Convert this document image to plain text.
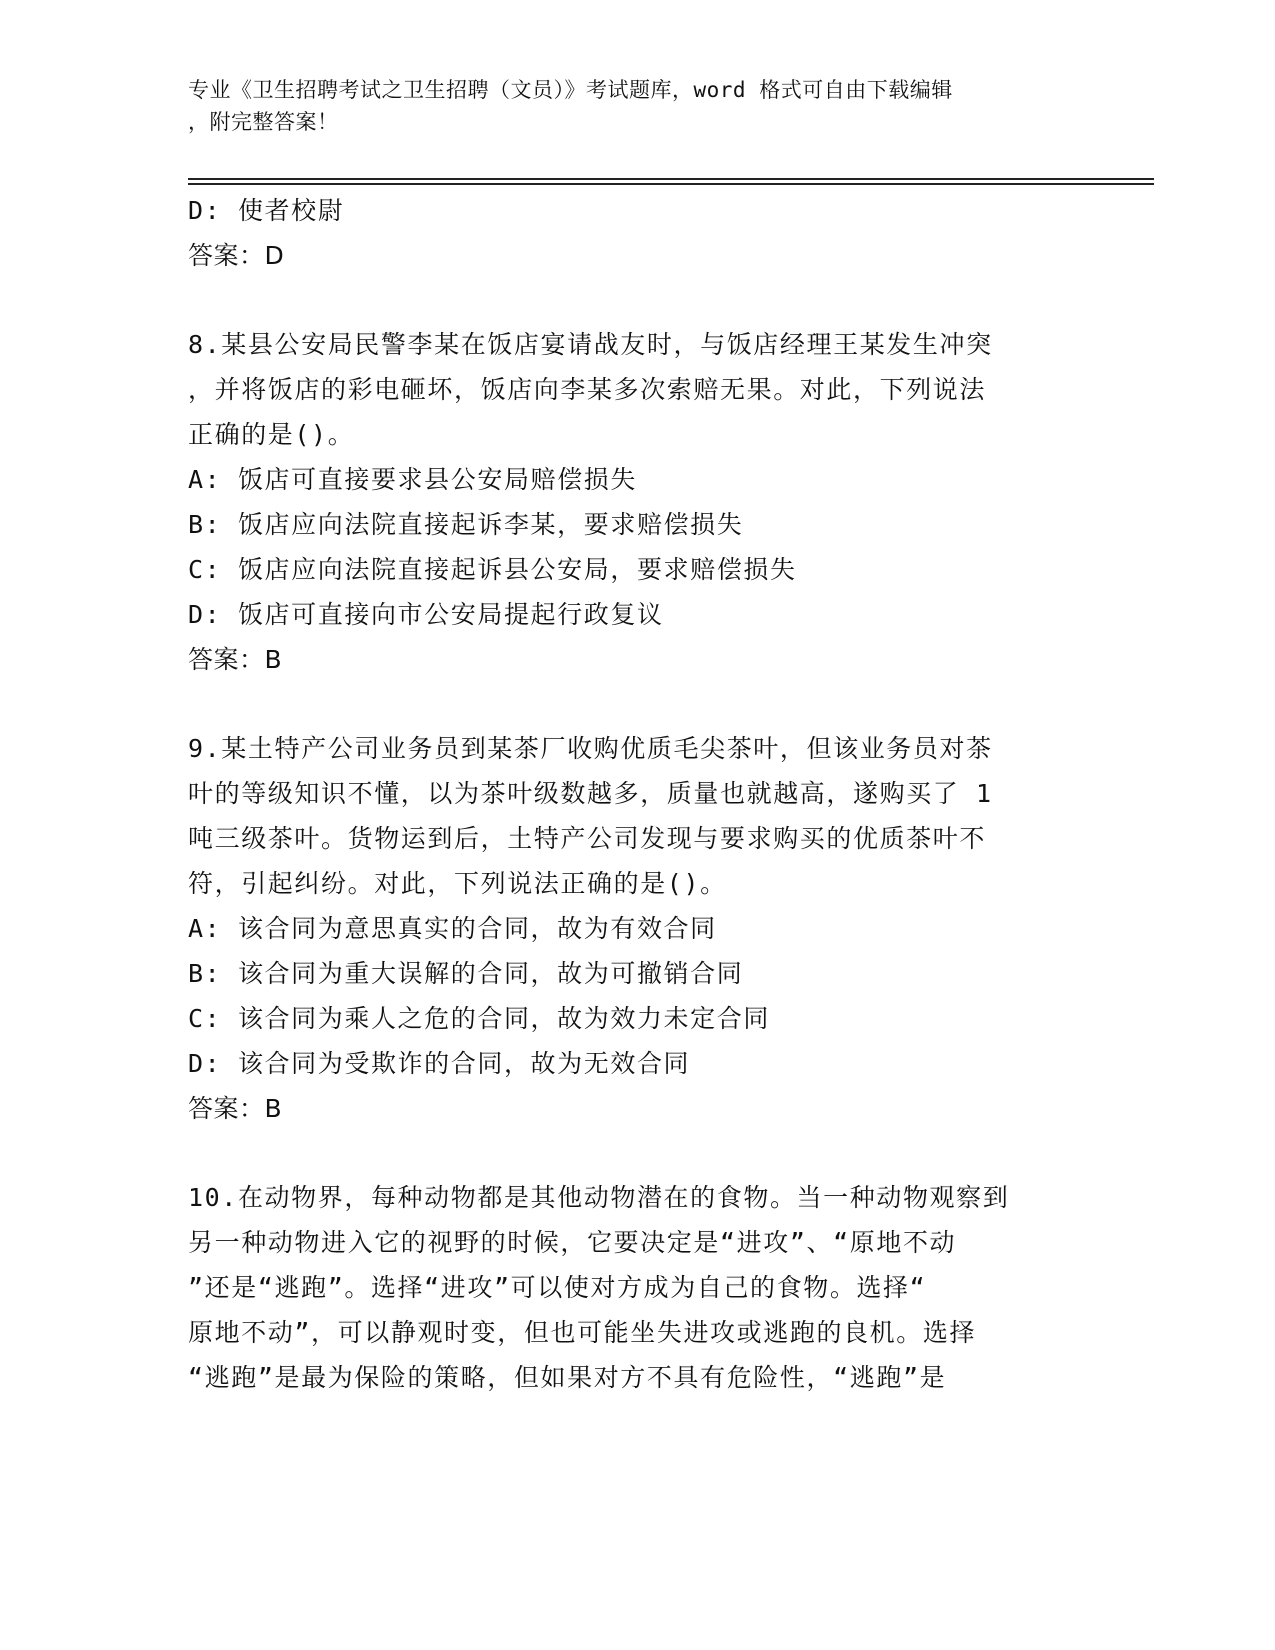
专业《卫生招聘考试之卫生招聘（文员）》考试题库，word 格式可自由下载编辑
，附完整答案！
D: 使者校尉
答案：D
8.某县公安局民警李某在饭店宴请战友时，与饭店经理王某发生冲突
，并将饭店的彩电砸坏，饭店向李某多次索赔无果。对此，下列说法
正确的是()。
A: 饭店可直接要求县公安局赔偿损失
B: 饭店应向法院直接起诉李某，要求赔偿损失
C: 饭店应向法院直接起诉县公安局，要求赔偿损失
D: 饭店可直接向市公安局提起行政复议
答案：B
9.某土特产公司业务员到某茶厂收购优质毛尖茶叶，但该业务员对茶
叶的等级知识不懂，以为茶叶级数越多，质量也就越高，遂购买了 1
吨三级茶叶。货物运到后，土特产公司发现与要求购买的优质茶叶不
符，引起纠纷。对此，下列说法正确的是()。
A: 该合同为意思真实的合同，故为有效合同
B: 该合同为重大误解的合同，故为可撤销合同
C: 该合同为乘人之危的合同，故为效力未定合同
D: 该合同为受欺诈的合同，故为无效合同
答案：B
10.在动物界，每种动物都是其他动物潜在的食物。当一种动物观察到
另一种动物进入它的视野的时候，它要决定是“进攻”、“原地不动
”还是“逃跑”。选择“进攻”可以使对方成为自己的食物。选择“
原地不动”，可以静观时变，但也可能坐失进攻或逃跑的良机。选择
“逃跑”是最为保险的策略，但如果对方不具有危险性，“逃跑”是
